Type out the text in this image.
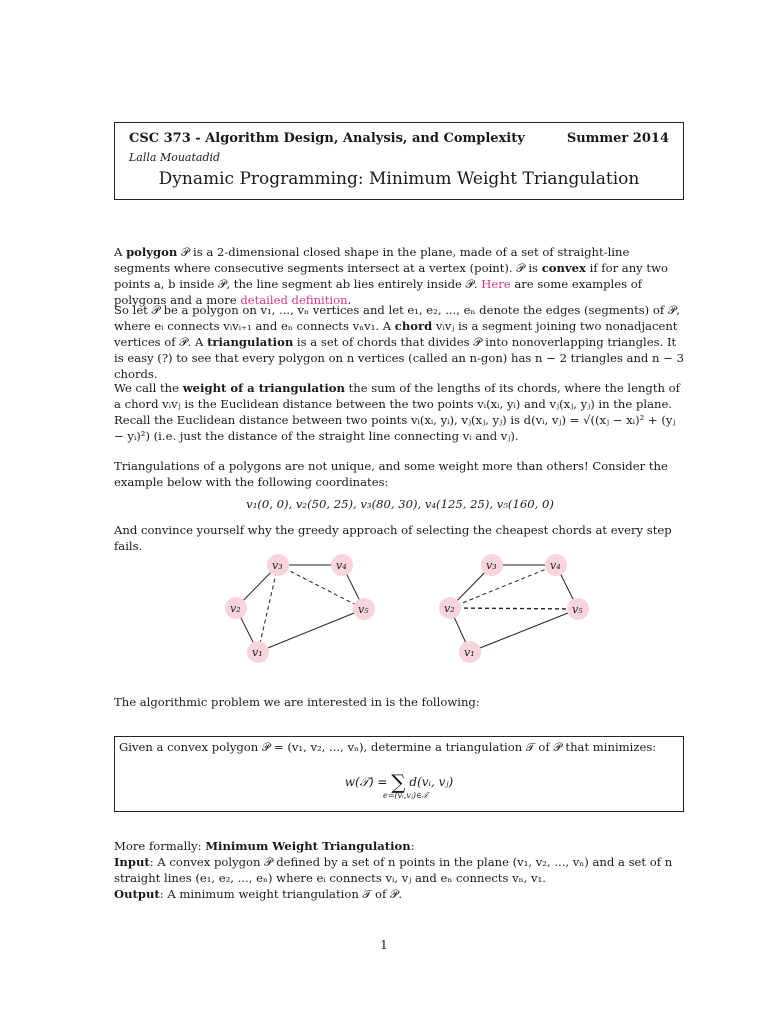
CSC 373 - Algorithm Design, Analysis, and Complexity	Summer 2014
Lalla Mouatadid
Dynamic Programming: Minimum Weight Triangulation

A polygon 𝒫 is a 2-dimensional closed shape in the plane, made of a set of straight-line segments where consecutive segments intersect at a vertex (point). 𝒫 is convex if for any two points a, b inside 𝒫, the line segment ab lies entirely inside 𝒫. Here are some examples of polygons and a more detailed definition.

So let 𝒫 be a polygon on v₁, ..., vₙ vertices and let e₁, e₂, ..., eₙ denote the edges (segments) of 𝒫, where eᵢ connects vᵢvᵢ₊₁ and eₙ connects vₙv₁. A chord vᵢvⱼ is a segment joining two nonadjacent vertices of 𝒫. A triangulation is a set of chords that divides 𝒫 into nonoverlapping triangles. It is easy (?) to see that every polygon on n vertices (called an n-gon) has n − 2 triangles and n − 3 chords.

We call the weight of a triangulation the sum of the lengths of its chords, where the length of a chord vᵢvⱼ is the Euclidean distance between the two points vᵢ(xᵢ, yᵢ) and vⱼ(xⱼ, yⱼ) in the plane. Recall the Euclidean distance between two points vᵢ(xᵢ, yᵢ), vⱼ(xⱼ, yⱼ) is d(vᵢ, vⱼ) = √((xⱼ − xᵢ)² + (yⱼ − yᵢ)²) (i.e. just the distance of the straight line connecting vᵢ and vⱼ).

Triangulations of a polygons are not unique, and some weight more than others! Consider the example below with the following coordinates:

v₁(0, 0), v₂(50, 25), v₃(80, 30), v₄(125, 25), v₅(160, 0)

And convince yourself why the greedy approach of selecting the cheapest chords at every step fails.

v₃	v₄
v₂	v₅
v₁
v₃	v₄
v₂	v₅
v₁

The algorithmic problem we are interested in is the following:

Given a convex polygon 𝒫 = (v₁, v₂, ..., vₙ), determine a triangulation 𝒯 of 𝒫 that minimizes:
w(𝒯) = ∑ d(vᵢ, vⱼ)
e=(vᵢ,vⱼ)∈𝒯

More formally: Minimum Weight Triangulation:
Input: A convex polygon 𝒫 defined by a set of n points in the plane (v₁, v₂, ..., vₙ) and a set of n straight lines (e₁, e₂, ..., eₙ) where eᵢ connects vᵢ, vⱼ and eₙ connects vₙ, v₁.
Output: A minimum weight triangulation 𝒯 of 𝒫.

1
